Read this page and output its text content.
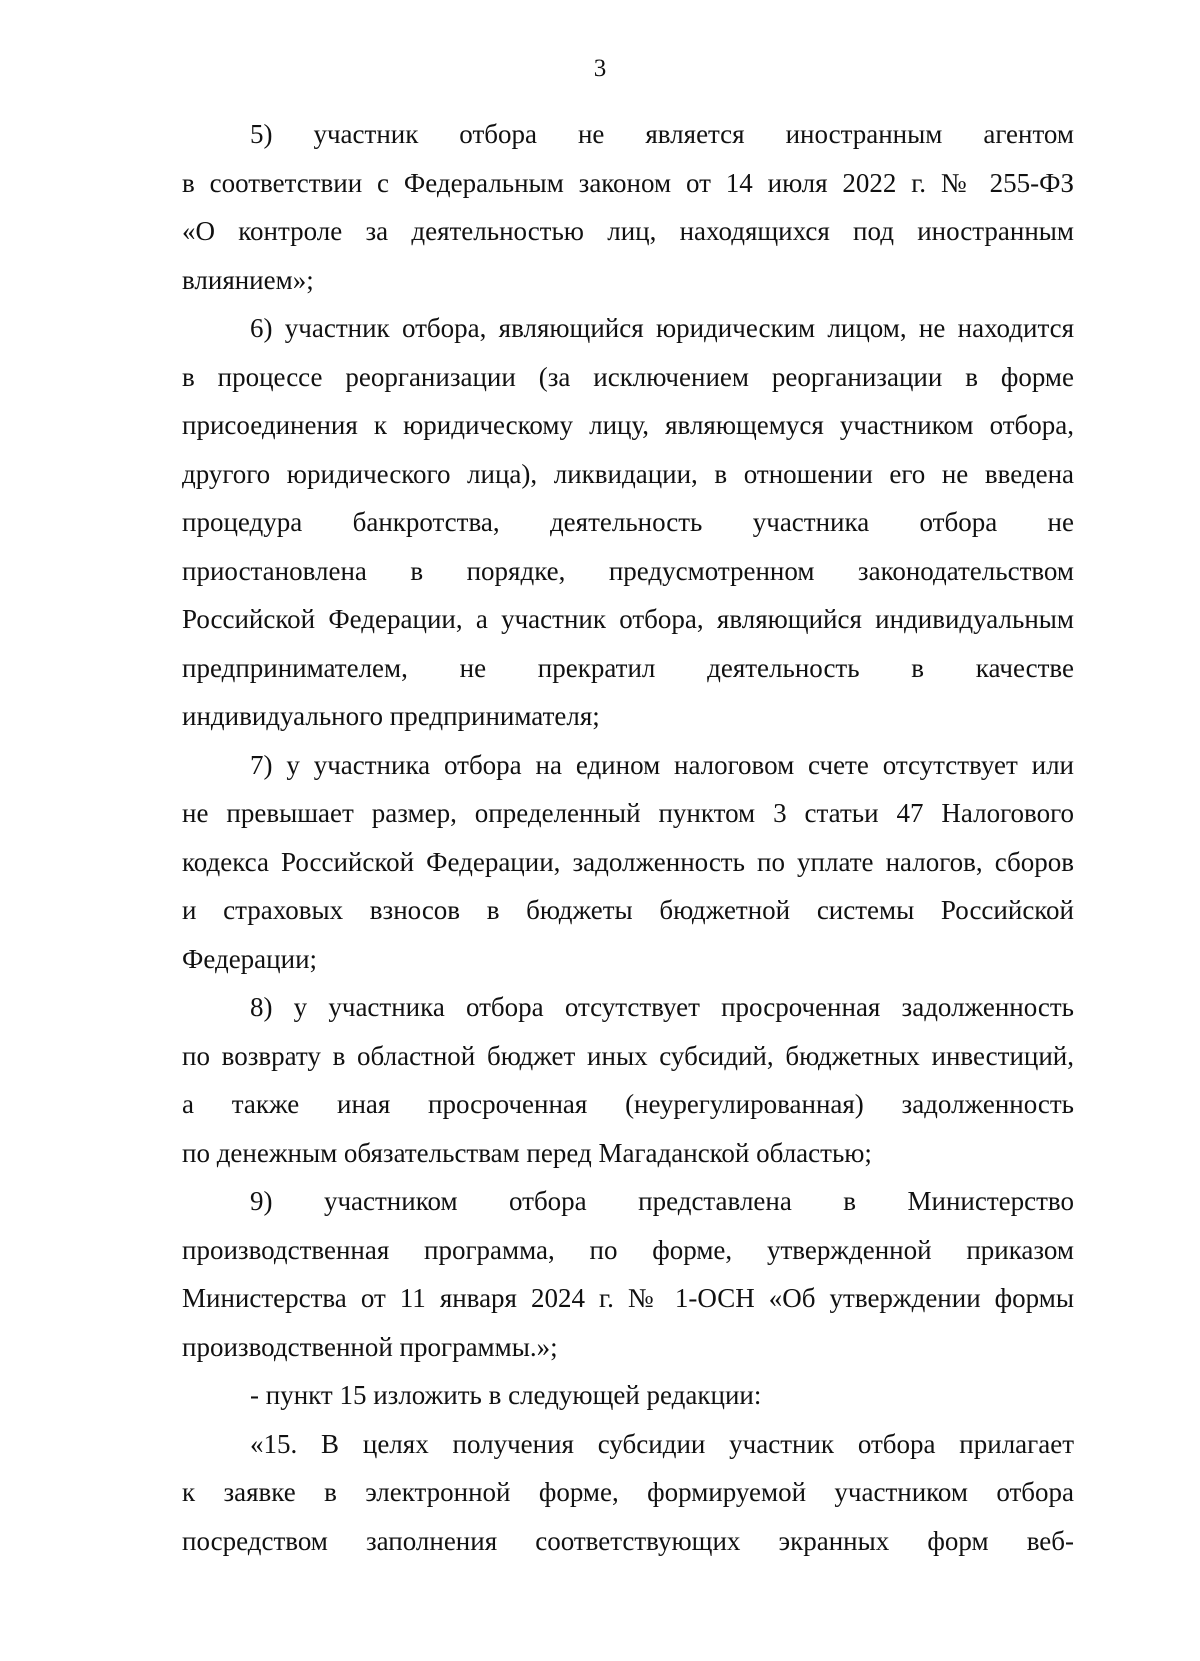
3
5) участник отбора не является иностранным агентом
в соответствии с Федеральным законом от 14 июля 2022 г. № 255-ФЗ
«О контроле за деятельностью лиц, находящихся под иностранным
влиянием»;
6) участник отбора, являющийся юридическим лицом, не находится
в процессе реорганизации (за исключением реорганизации в форме
присоединения к юридическому лицу, являющемуся участником отбора,
другого юридического лица), ликвидации, в отношении его не введена
процедура банкротства, деятельность участника отбора не
приостановлена в порядке, предусмотренном законодательством
Российской Федерации, а участник отбора, являющийся индивидуальным
предпринимателем, не прекратил деятельность в качестве
индивидуального предпринимателя;
7) у участника отбора на едином налоговом счете отсутствует или
не превышает размер, определенный пунктом 3 статьи 47 Налогового
кодекса Российской Федерации, задолженность по уплате налогов, сборов
и страховых взносов в бюджеты бюджетной системы Российской
Федерации;
8) у участника отбора отсутствует просроченная задолженность
по возврату в областной бюджет иных субсидий, бюджетных инвестиций,
а также иная просроченная (неурегулированная) задолженность
по денежным обязательствам перед Магаданской областью;
9) участником отбора представлена в Министерство
производственная программа, по форме, утвержденной приказом
Министерства от 11 января 2024 г. № 1-ОСН «Об утверждении формы
производственной программы.»;
- пункт 15 изложить в следующей редакции:
«15. В целях получения субсидии участник отбора прилагает
к заявке в электронной форме, формируемой участником отбора
посредством заполнения соответствующих экранных форм веб-
